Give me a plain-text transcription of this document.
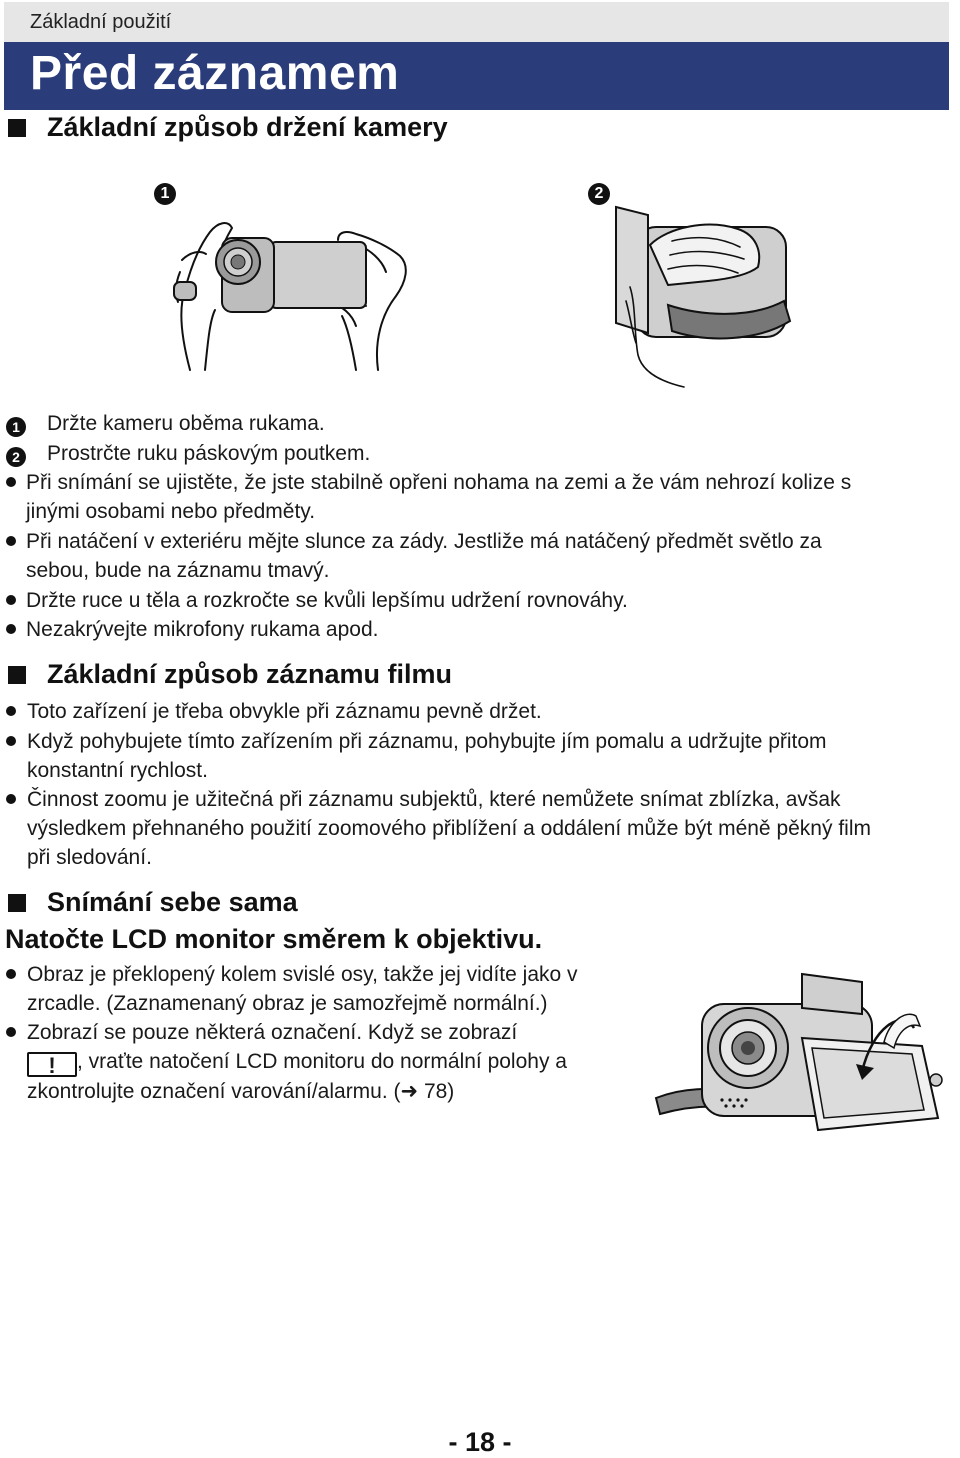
Základní použití
Před záznamem
Základní způsob držení kamery
1	2
1 Držte kameru oběma rukama.
2 Prostrčte ruku páskovým poutkem.
Při snímání se ujistěte, že jste stabilně opřeni nohama na zemi a že vám nehrozí kolize s
jinými osobami nebo předměty.
Při natáčení v exteriéru mějte slunce za zády. Jestliže má natáčený předmět světlo za
sebou, bude na záznamu tmavý.
Držte ruce u těla a rozkročte se kvůli lepšímu udržení rovnováhy.
Nezakrývejte mikrofony rukama apod.
Základní způsob záznamu filmu
Toto zařízení je třeba obvykle při záznamu pevně držet.
Když pohybujete tímto zařízením při záznamu, pohybujte jím pomalu a udržujte přitom
konstantní rychlost.
Činnost zoomu je užitečná při záznamu subjektů, které nemůžete snímat zblízka, avšak
výsledkem přehnaného použití zoomového přiblížení a oddálení může být méně pěkný film
při sledování.
Snímání sebe sama
Natočte LCD monitor směrem k objektivu.
Obraz je překlopený kolem svislé osy, takže jej vidíte jako v
zrcadle. (Zaznamenaný obraz je samozřejmě normální.)
Zobrazí se pouze některá označení. Když se zobrazí
! , vraťte natočení LCD monitoru do normální polohy a
zkontrolujte označení varování/alarmu. (➜ 78)
- 18 -
